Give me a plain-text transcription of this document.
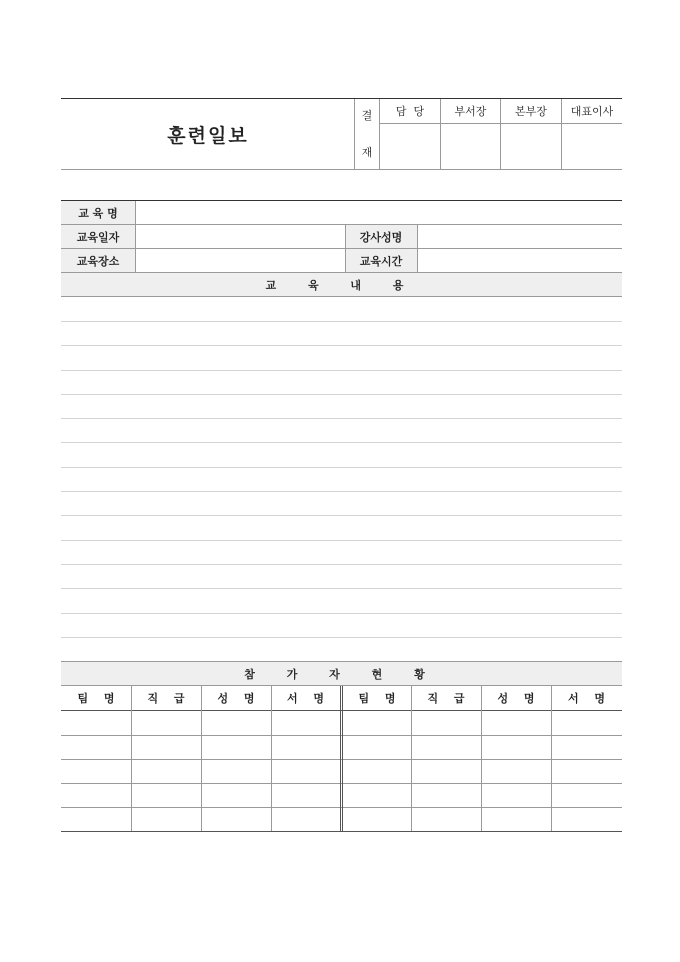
훈련일보
결
재
담  당	부서장	본부장	대표이사
교 육 명
교육일자	강사성명
교육장소	교육시간
교 육 내 용
참 가 자 현 황
팀 명	직 급	성 명	서 명	팀 명	직 급	성 명	서 명
